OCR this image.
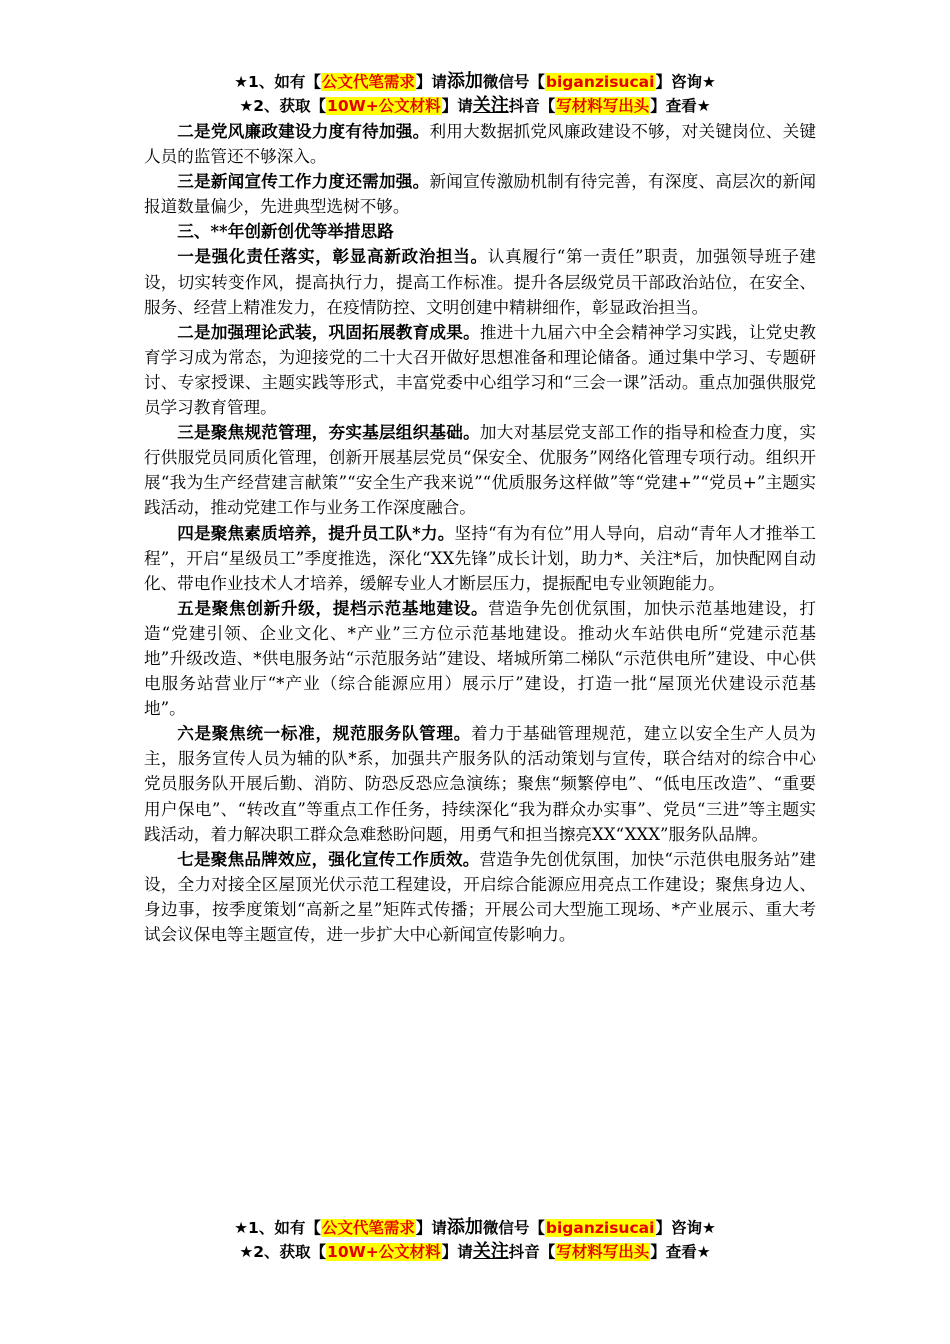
★1、如有【公文代笔需求】请添加微信号【biganzisucai】咨询★
★2、获取【10W+公文材料】请关注抖音【写材料写出头】查看★

二是党风廉政建设力度有待加强。利用大数据抓党风廉政建设不够，对关键岗位、关键人员的监管还不够深入。

三是新闻宣传工作力度还需加强。新闻宣传激励机制有待完善，有深度、高层次的新闻报道数量偏少，先进典型选树不够。

三、**年创新创优等举措思路

一是强化责任落实，彰显高新政治担当。认真履行“第一责任”职责，加强领导班子建设，切实转变作风，提高执行力，提高工作标准。提升各层级党员干部政治站位，在安全、服务、经营上精准发力，在疫情防控、文明创建中精耕细作，彰显政治担当。

二是加强理论武装，巩固拓展教育成果。推进十九届六中全会精神学习实践，让党史教育学习成为常态，为迎接党的二十大召开做好思想准备和理论储备。通过集中学习、专题研讨、专家授课、主题实践等形式，丰富党委中心组学习和“三会一课”活动。重点加强供服党员学习教育管理。

三是聚焦规范管理，夯实基层组织基础。加大对基层党支部工作的指导和检查力度，实行供服党员同质化管理，创新开展基层党员“保安全、优服务”网络化管理专项行动。组织开展“我为生产经营建言献策”“安全生产我来说”“优质服务这样做”等“党建+”“党员+”主题实践活动，推动党建工作与业务工作深度融合。

四是聚焦素质培养，提升员工队*力。坚持“有为有位”用人导向，启动“青年人才推举工程”，开启“星级员工”季度推选，深化“XX先锋”成长计划，助力*、关注*后，加快配网自动化、带电作业技术人才培养，缓解专业人才断层压力，提振配电专业领跑能力。

五是聚焦创新升级，提档示范基地建设。营造争先创优氛围，加快示范基地建设，打造“党建引领、企业文化、*产业”三方位示范基地建设。推动火车站供电所“党建示范基地”升级改造、*供电服务站“示范服务站”建设、堵城所第二梯队“示范供电所”建设、中心供电服务站营业厅“*产业（综合能源应用）展示厅”建设，打造一批“屋顶光伏建设示范基地”。

六是聚焦统一标准，规范服务队管理。着力于基础管理规范，建立以安全生产人员为主，服务宣传人员为辅的队*系，加强共产服务队的活动策划与宣传，联合结对的综合中心党员服务队开展后勤、消防、防恐反恐应急演练；聚焦“频繁停电”、“低电压改造”、“重要用户保电”、“转改直”等重点工作任务，持续深化“我为群众办实事”、党员“三进”等主题实践活动，着力解决职工群众急难愁盼问题，用勇气和担当擦亮XX“XXX”服务队品牌。

七是聚焦品牌效应，强化宣传工作质效。营造争先创优氛围，加快“示范供电服务站”建设，全力对接全区屋顶光伏示范工程建设，开启综合能源应用亮点工作建设；聚焦身边人、身边事，按季度策划“高新之星”矩阵式传播；开展公司大型施工现场、*产业展示、重大考试会议保电等主题宣传，进一步扩大中心新闻宣传影响力。

★1、如有【公文代笔需求】请添加微信号【biganzisucai】咨询★
★2、获取【10W+公文材料】请关注抖音【写材料写出头】查看★
